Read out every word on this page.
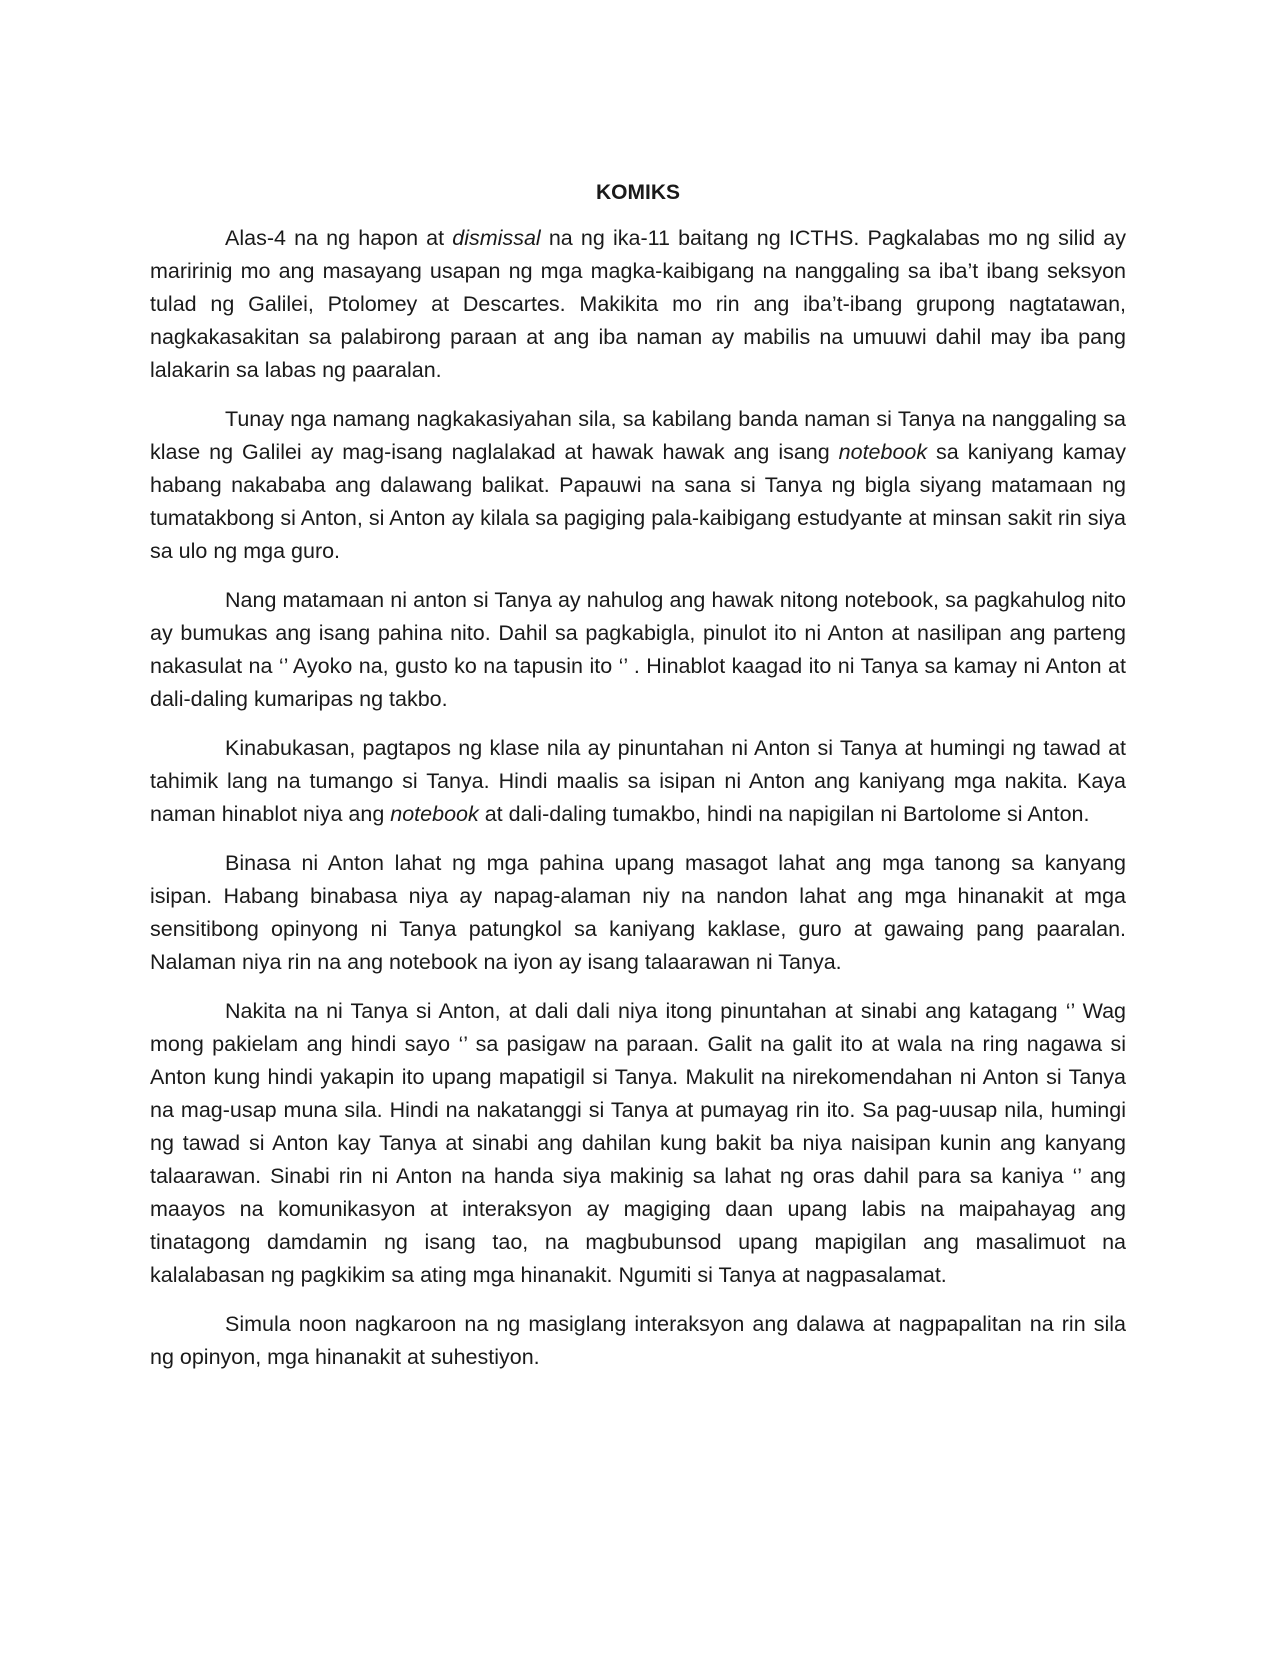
KOMIKS

Alas-4 na ng hapon at dismissal na ng ika-11 baitang ng ICTHS. Pagkalabas mo ng silid ay maririnig mo ang masayang usapan ng mga magka-kaibigang na nanggaling sa iba’t ibang seksyon tulad ng Galilei, Ptolomey at Descartes. Makikita mo rin ang iba’t-ibang grupong nagtatawan, nagkakasakitan sa palabirong paraan at ang iba naman ay mabilis na umuuwi dahil may iba pang lalakarin sa labas ng paaralan.

Tunay nga namang nagkakasiyahan sila, sa kabilang banda naman si Tanya na nanggaling sa klase ng Galilei ay mag-isang naglalakad at hawak hawak ang isang notebook sa kaniyang kamay habang nakababa ang dalawang balikat. Papauwi na sana si Tanya ng bigla siyang matamaan ng tumatakbong si Anton, si Anton ay kilala sa pagiging pala-kaibigang estudyante at minsan sakit rin siya sa ulo ng mga guro.

Nang matamaan ni anton si Tanya ay nahulog ang hawak nitong notebook, sa pagkahulog nito ay bumukas ang isang pahina nito. Dahil sa pagkabigla, pinulot ito ni Anton at nasilipan ang parteng nakasulat na ‘’ Ayoko na, gusto ko na tapusin ito ‘’ . Hinablot kaagad ito ni Tanya sa kamay ni Anton at dali-daling kumaripas ng takbo.

Kinabukasan, pagtapos ng klase nila ay pinuntahan ni Anton si Tanya at humingi ng tawad at tahimik lang na tumango si Tanya. Hindi maalis sa isipan ni Anton ang kaniyang mga nakita. Kaya naman hinablot niya ang notebook at dali-daling tumakbo, hindi na napigilan ni Bartolome si Anton.

Binasa ni Anton lahat ng mga pahina upang masagot lahat ang mga tanong sa kanyang isipan. Habang binabasa niya ay napag-alaman niy na nandon lahat ang mga hinanakit at mga sensitibong opinyong ni Tanya patungkol sa kaniyang kaklase, guro at gawaing pang paaralan. Nalaman niya rin na ang notebook na iyon ay isang talaarawan ni Tanya.

Nakita na ni Tanya si Anton, at dali dali niya itong pinuntahan at sinabi ang katagang ‘’ Wag mong pakielam ang hindi sayo ‘’ sa pasigaw na paraan. Galit na galit ito at wala na ring nagawa si Anton kung hindi yakapin ito upang mapatigil si Tanya. Makulit na nirekomendahan ni Anton si Tanya na mag-usap muna sila. Hindi na nakatanggi si Tanya at pumayag rin ito. Sa pag-uusap nila, humingi ng tawad si Anton kay Tanya at sinabi ang dahilan kung bakit ba niya naisipan kunin ang kanyang talaarawan. Sinabi rin ni Anton na handa siya makinig sa lahat ng oras dahil para sa kaniya ‘’ ang maayos na komunikasyon at interaksyon ay magiging daan upang labis na maipahayag ang tinatagong damdamin ng isang tao, na magbubunsod upang mapigilan ang masalimuot na kalalabasan ng pagkikim sa ating mga hinanakit. Ngumiti si Tanya at nagpasalamat.

Simula noon nagkaroon na ng masiglang interaksyon ang dalawa at nagpapalitan na rin sila ng opinyon, mga hinanakit at suhestiyon.
